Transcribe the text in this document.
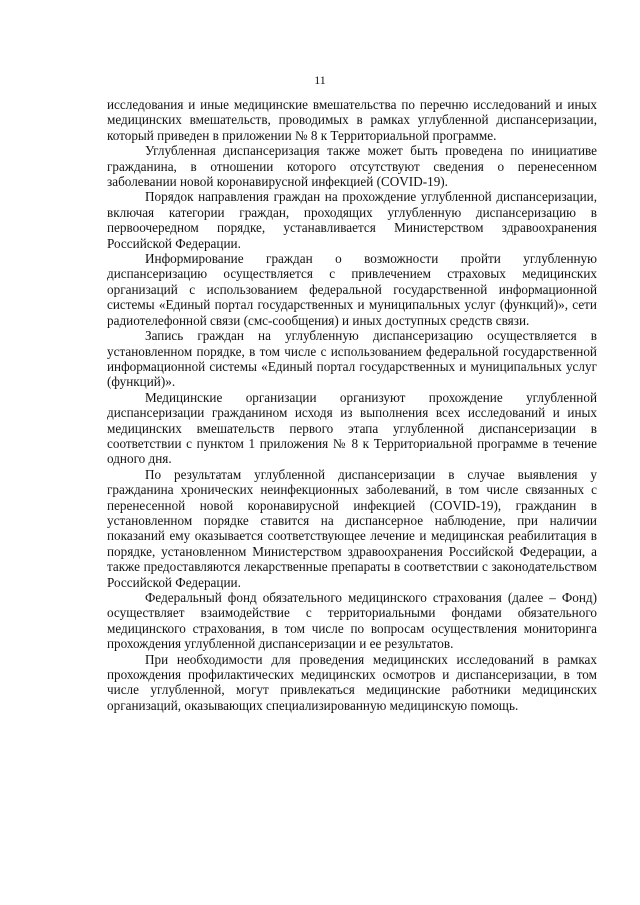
11

исследования и иные медицинские вмешательства по перечню исследований и иных медицинских вмешательств, проводимых в рамках углубленной диспансеризации, который приведен в приложении № 8 к Территориальной программе.

Углубленная диспансеризация также может быть проведена по инициативе гражданина, в отношении которого отсутствуют сведения о перенесенном заболевании новой коронавирусной инфекцией (COVID-19).

Порядок направления граждан на прохождение углубленной диспансеризации, включая категории граждан, проходящих углубленную диспансеризацию в первоочередном порядке, устанавливается Министерством здравоохранения Российской Федерации.

Информирование граждан о возможности пройти углубленную диспансеризацию осуществляется с привлечением страховых медицинских организаций с использованием федеральной государственной информационной системы «Единый портал государственных и муниципальных услуг (функций)», сети радиотелефонной связи (смс-сообщения) и иных доступных средств связи.

Запись граждан на углубленную диспансеризацию осуществляется в установленном порядке, в том числе с использованием федеральной государственной информационной системы «Единый портал государственных и муниципальных услуг (функций)».

Медицинские организации организуют прохождение углубленной диспансеризации гражданином исходя из выполнения всех исследований и иных медицинских вмешательств первого этапа углубленной диспансеризации в соответствии с пунктом 1 приложения № 8 к Территориальной программе в течение одного дня.

По результатам углубленной диспансеризации в случае выявления у гражданина хронических неинфекционных заболеваний, в том числе связанных с перенесенной новой коронавирусной инфекцией (COVID-19), гражданин в установленном порядке ставится на диспансерное наблюдение, при наличии показаний ему оказывается соответствующее лечение и медицинская реабилитация в порядке, установленном Министерством здравоохранения Российской Федерации, а также предоставляются лекарственные препараты в соответствии с законодательством Российской Федерации.

Федеральный фонд обязательного медицинского страхования (далее – Фонд) осуществляет взаимодействие с территориальными фондами обязательного медицинского страхования, в том числе по вопросам осуществления мониторинга прохождения углубленной диспансеризации и ее результатов.

При необходимости для проведения медицинских исследований в рамках прохождения профилактических медицинских осмотров и диспансеризации, в том числе углубленной, могут привлекаться медицинские работники медицинских организаций, оказывающих специализированную медицинскую помощь.
